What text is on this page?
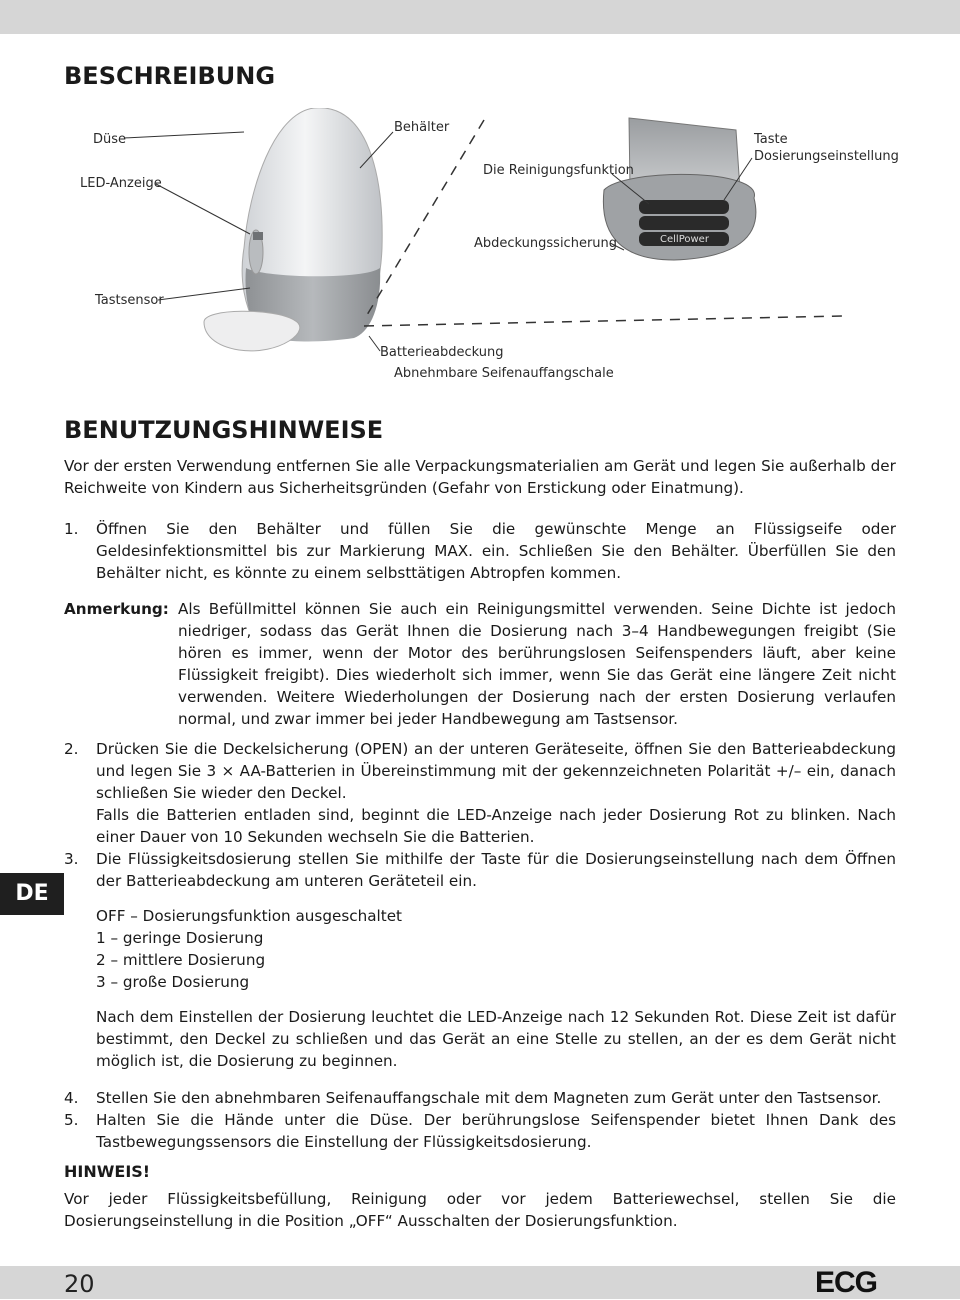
BESCHREIBUNG
CellPower
Düse
LED-Anzeige
Behälter
Die Reinigungsfunktion
Taste
Dosierungseinstellung
Abdeckungssicherung
Tastsensor
Batterieabdeckung
Abnehmbare Seifenauffangschale
BENUTZUNGSHINWEISE
Vor der ersten Verwendung entfernen Sie alle Verpackungsmaterialien am Gerät und legen Sie außerhalb der Reichweite von Kindern aus Sicherheitsgründen (Gefahr von Erstickung oder Einatmung).
1. Öffnen Sie den Behälter und füllen Sie die gewünschte Menge an Flüssigseife oder Geldesinfektionsmittel bis zur Markierung MAX. ein. Schließen Sie den Behälter. Überfüllen Sie den Behälter nicht, es könnte zu einem selbsttätigen Abtropfen kommen.
Anmerkung: Als Befüllmittel können Sie auch ein Reinigungsmittel verwenden. Seine Dichte ist jedoch niedriger, sodass das Gerät Ihnen die Dosierung nach 3–4 Handbewegungen freigibt (Sie hören es immer, wenn der Motor des berührungslosen Seifenspenders läuft, aber keine Flüssigkeit freigibt). Dies wiederholt sich immer, wenn Sie das Gerät eine längere Zeit nicht verwenden. Weitere Wiederholungen der Dosierung nach der ersten Dosierung verlaufen normal, und zwar immer bei jeder Handbewegung am Tastsensor.
2. Drücken Sie die Deckelsicherung (OPEN) an der unteren Geräteseite, öffnen Sie den Batterieabdeckung und legen Sie 3 × AA-Batterien in Übereinstimmung mit der gekennzeichneten Polarität +/– ein, danach schließen Sie wieder den Deckel.
Falls die Batterien entladen sind, beginnt die LED-Anzeige nach jeder Dosierung Rot zu blinken. Nach einer Dauer von 10 Sekunden wechseln Sie die Batterien.
3. Die Flüssigkeitsdosierung stellen Sie mithilfe der Taste für die Dosierungseinstellung nach dem Öffnen der Batterieabdeckung am unteren Geräteteil ein.
DE

OFF – Dosierungsfunktion ausgeschaltet

1 – geringe Dosierung

2 – mittlere Dosierung

3 – große Dosierung

Nach dem Einstellen der Dosierung leuchtet die LED-Anzeige nach 12 Sekunden Rot. Diese Zeit ist dafür bestimmt, den Deckel zu schließen und das Gerät an eine Stelle zu stellen, an der es dem Gerät nicht möglich ist, die Dosierung zu beginnen.
4. Stellen Sie den abnehmbaren Seifenauffangschale mit dem Magneten zum Gerät unter den Tastsensor.
5. Halten Sie die Hände unter die Düse. Der berührungslose Seifenspender bietet Ihnen Dank des Tastbewegungssensors die Einstellung der Flüssigkeitsdosierung.
HINWEIS!
Vor jeder Flüssigkeitsbefüllung, Reinigung oder vor jedem Batteriewechsel, stellen Sie die Dosierungseinstellung in die Position „OFF“ Ausschalten der Dosierungsfunktion.
20	ECG
